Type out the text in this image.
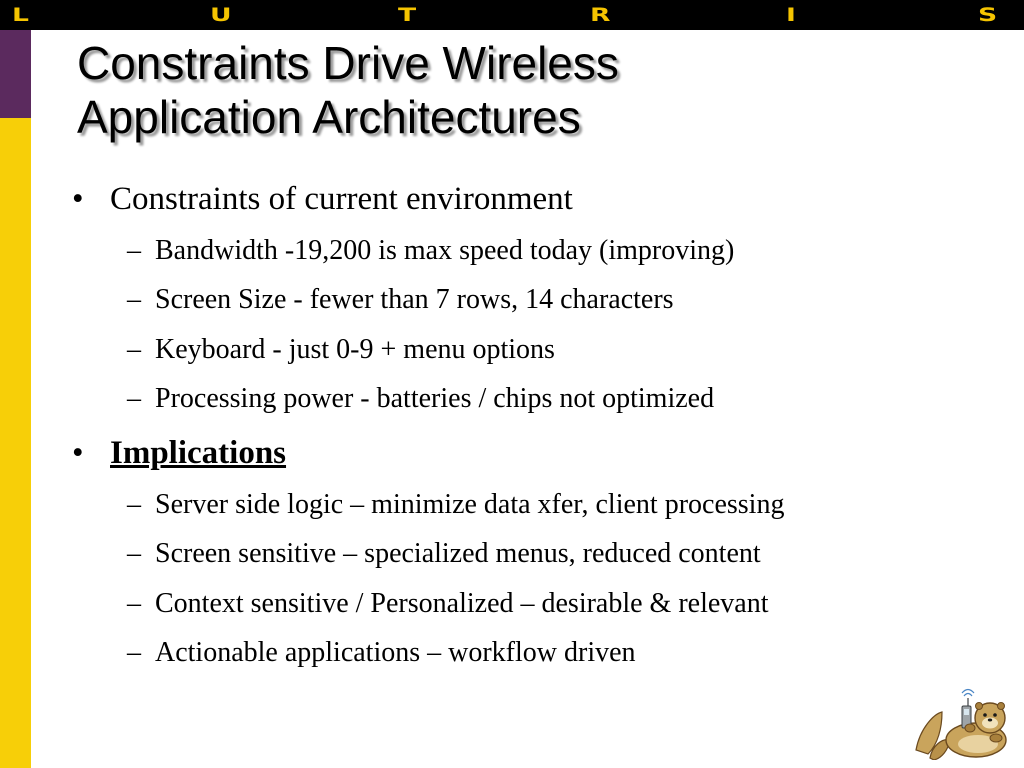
L	U	T	R	I	S
Constraints Drive Wireless
Application Architectures
• Constraints of current environment
– Bandwidth -19,200 is max speed today (improving)
– Screen Size - fewer than 7 rows, 14 characters
– Keyboard - just 0-9 + menu options
– Processing power - batteries / chips not optimized
• Implications
– Server side logic – minimize data xfer, client processing
– Screen sensitive – specialized menus, reduced content
– Context sensitive / Personalized – desirable & relevant
– Actionable applications – workflow driven
